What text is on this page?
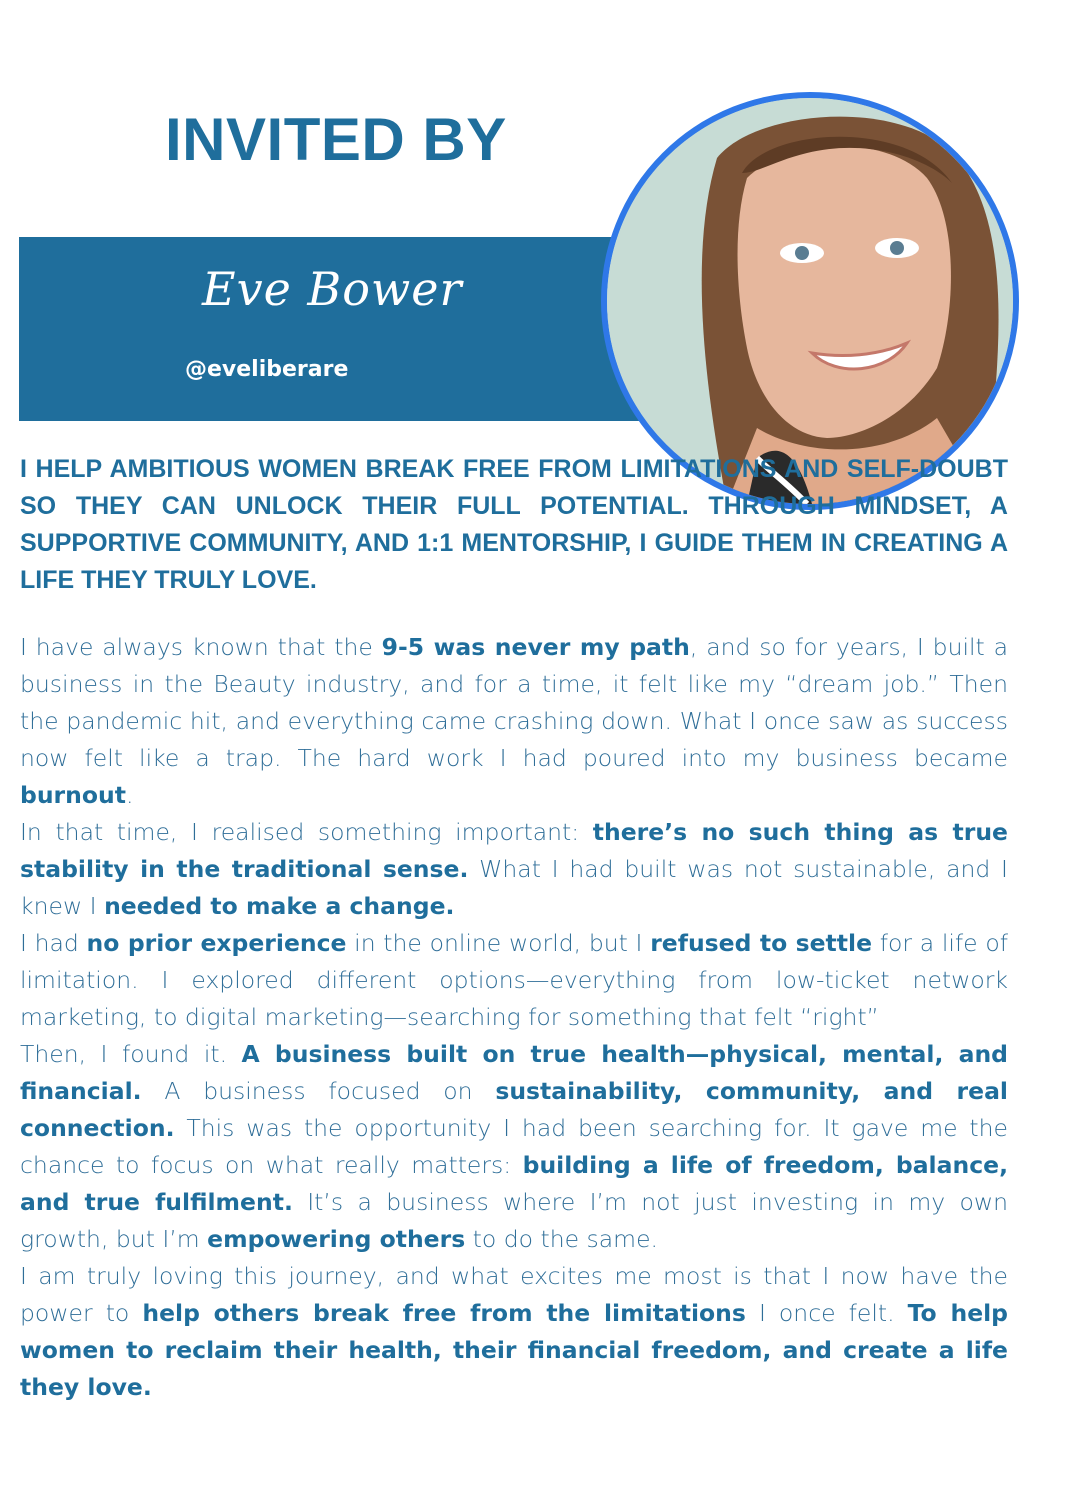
INVITED BY
Eve Bower
@eveliberare

I HELP AMBITIOUS WOMEN BREAK FREE FROM LIMITATIONS AND SELF-DOUBT SO THEY CAN UNLOCK THEIR FULL POTENTIAL. THROUGH MINDSET, A SUPPORTIVE COMMUNITY, AND 1:1 MENTORSHIP, I GUIDE THEM IN CREATING A LIFE THEY TRULY LOVE.

I have always known that the 9-5 was never my path, and so for years, I built a business in the Beauty industry, and for a time, it felt like my “dream job.” Then the pandemic hit, and everything came crashing down. What I once saw as success now felt like a trap. The hard work I had poured into my business became burnout.

In that time, I realised something important: there’s no such thing as true stability in the traditional sense. What I had built was not sustainable, and I knew I needed to make a change.

I had no prior experience in the online world, but I refused to settle for a life of limitation. I explored different options—everything from low-ticket network marketing, to digital marketing—searching for something that felt “right”

Then, I found it. A business built on true health—physical, mental, and financial. A business focused on sustainability, community, and real connection. This was the opportunity I had been searching for. It gave me the chance to focus on what really matters: building a life of freedom, balance, and true fulfilment. It’s a business where I’m not just investing in my own growth, but I’m empowering others to do the same.

I am truly loving this journey, and what excites me most is that I now have the power to help others break free from the limitations I once felt. To help women to reclaim their health, their financial freedom, and create a life they love.
